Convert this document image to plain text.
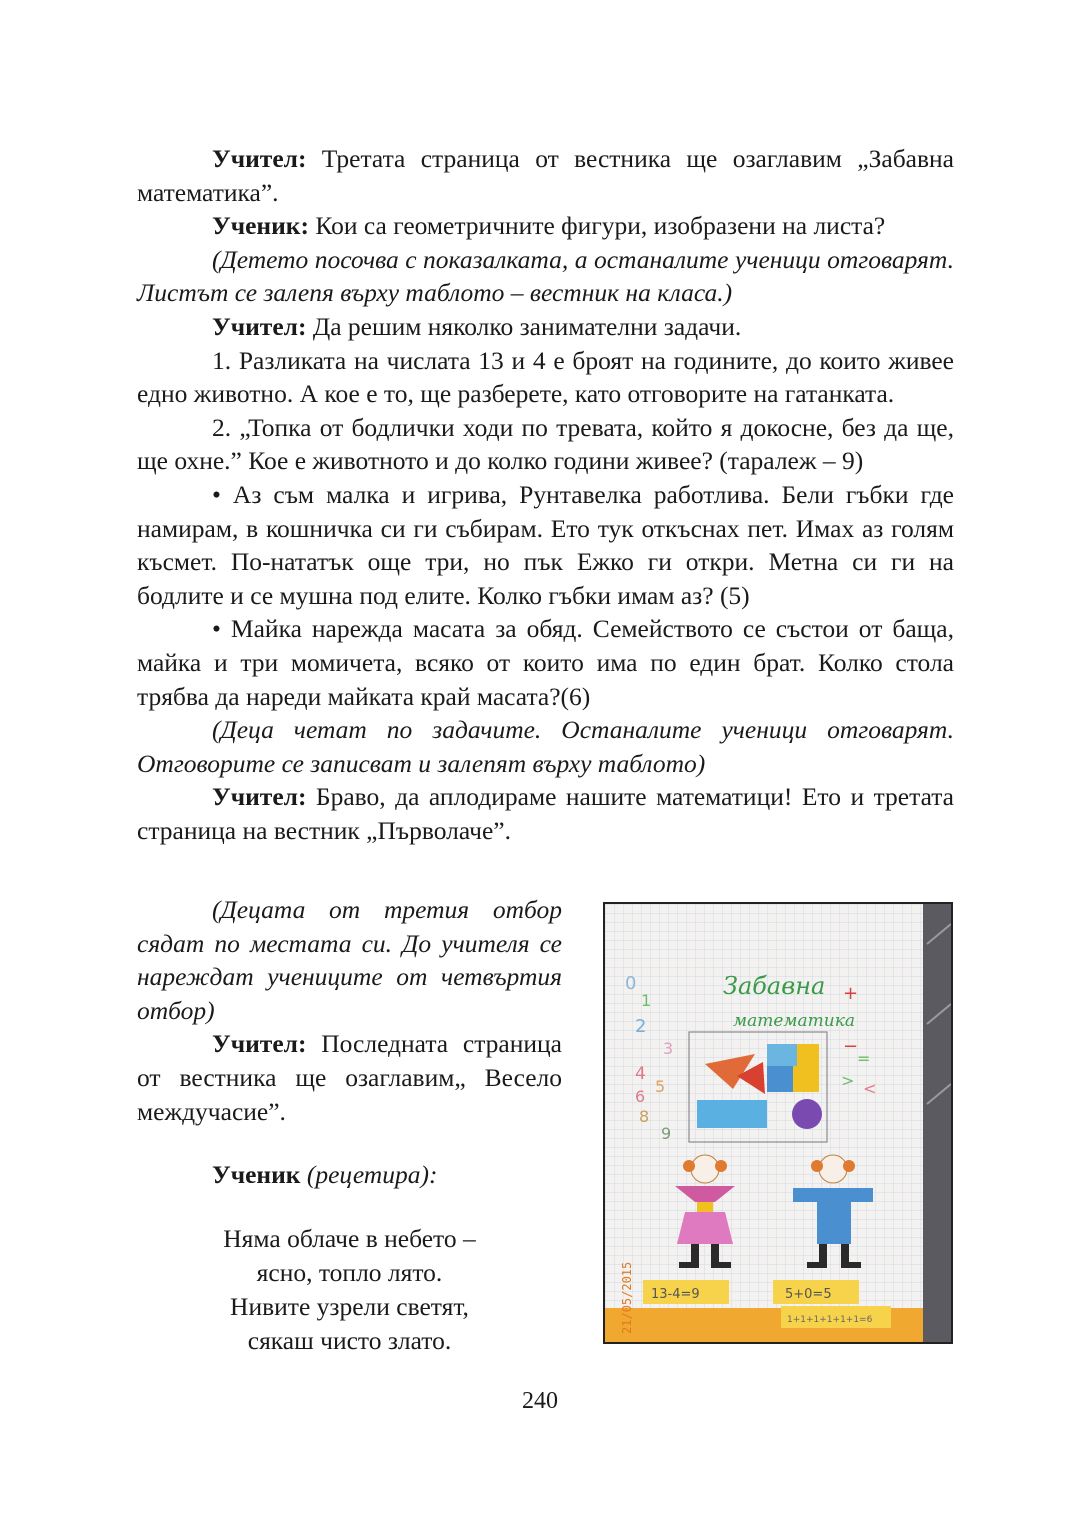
Учител: Третата страница от вестника ще озаглавим „Забавна математика”.

Ученик: Кои са геометричните фигури, изобразени на листа?

(Детето посочва с показалката, а останалите ученици отговарят. Листът се залепя върху таблото – вестник на класа.)

Учител: Да решим няколко занимателни задачи.

1. Разликата на числата 13 и 4 е броят на годините, до които живее едно животно. А кое е то, ще разберете, като отговорите на гатанката.

2. „Топка от бодлички ходи по тревата, който я докосне, без да ще, ще охне.” Кое е животното и до колко години живее? (таралеж – 9)

• Аз съм малка и игрива, Рунтавелка работлива. Бели гъбки где намирам, в кошничка си ги събирам. Ето тук откъснах пет. Имах аз голям късмет. По-нататък още три, но пък Ежко ги откри. Метна си ги на бодлите и се мушна под елите. Колко гъбки имам аз? (5)

• Майка нарежда масата за обяд. Семейството се състои от баща, майка и три момичета, всяко от които има по един брат. Колко стола трябва да нареди майката край масата?(6)

(Деца четат по задачите. Останалите ученици отговарят. Отговорите се записват и залепят върху таблото)

Учител: Браво, да аплодираме нашите математици! Ето и третата страница на вестник „Първолаче”.

(Децата от третия отбор сядат по местата си. До учителя се нареждат учениците от четвъртия отбор)

Учител: Последната страница от вестника ще озаглавим„ Весело междучасие”.

Ученик (рецетира):

Няма облаче в небето –
ясно, топло лято.
Нивите узрели светят,
сякаш чисто злато.
Забавна
математика
0
1
2
3
4
5
6
8
9
+
−
> <
=
13-4=9	5+0=5
1+1+1+1+1+1=6
21/05/2015
240
